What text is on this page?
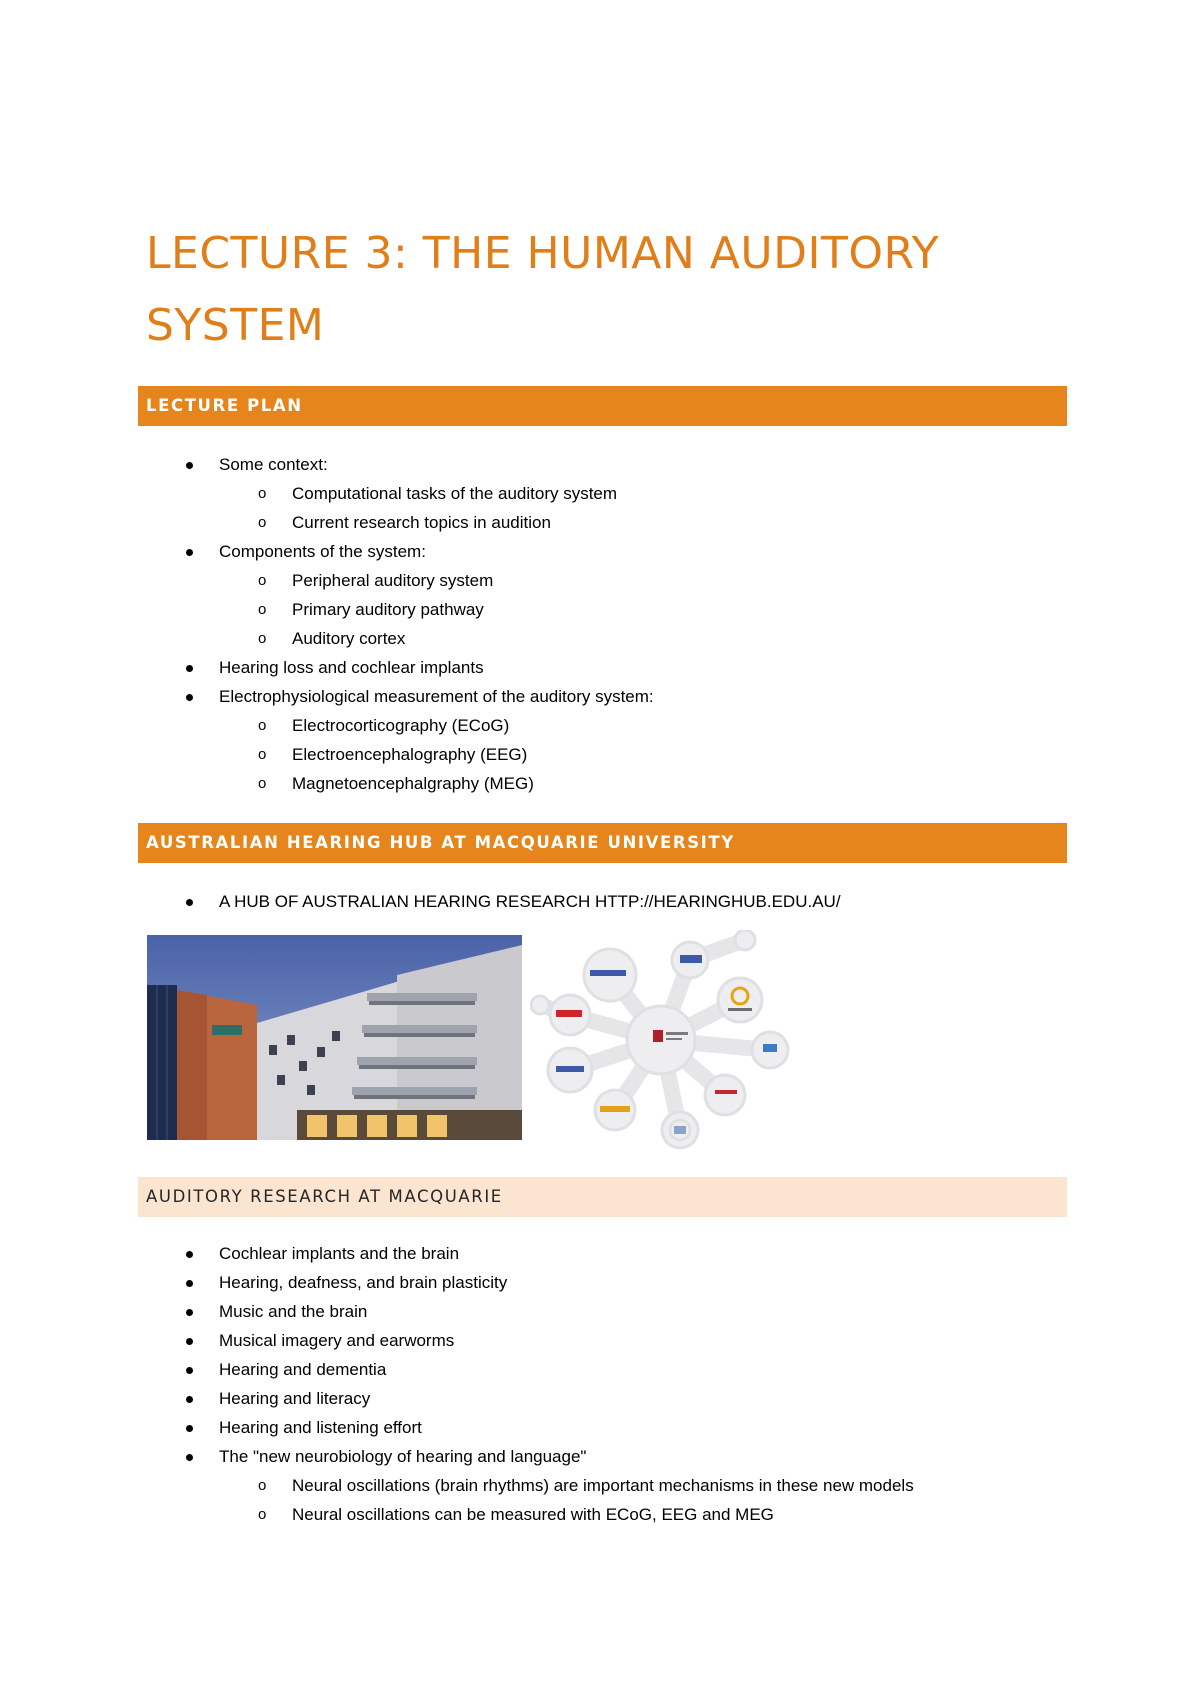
LECTURE 3: THE HUMAN AUDITORY SYSTEM
LECTURE PLAN
Some context:
o Computational tasks of the auditory system
o Current research topics in audition
Components of the system:
o Peripheral auditory system
o Primary auditory pathway
o Auditory cortex
Hearing loss and cochlear implants
Electrophysiological measurement of the auditory system:
o Electrocorticography (ECoG)
o Electroencephalography (EEG)
o Magnetoencephalgraphy (MEG)
AUSTRALIAN HEARING HUB AT MACQUARIE UNIVERSITY
A HUB OF AUSTRALIAN HEARING RESEARCH HTTP://HEARINGHUB.EDU.AU/
AUDITORY RESEARCH AT MACQUARIE
Cochlear implants and the brain
Hearing, deafness, and brain plasticity
Music and the brain
Musical imagery and earworms
Hearing and dementia
Hearing and literacy
Hearing and listening effort
The "new neurobiology of hearing and language"
o Neural oscillations (brain rhythms) are important mechanisms in these new models
o Neural oscillations can be measured with ECoG, EEG and MEG
